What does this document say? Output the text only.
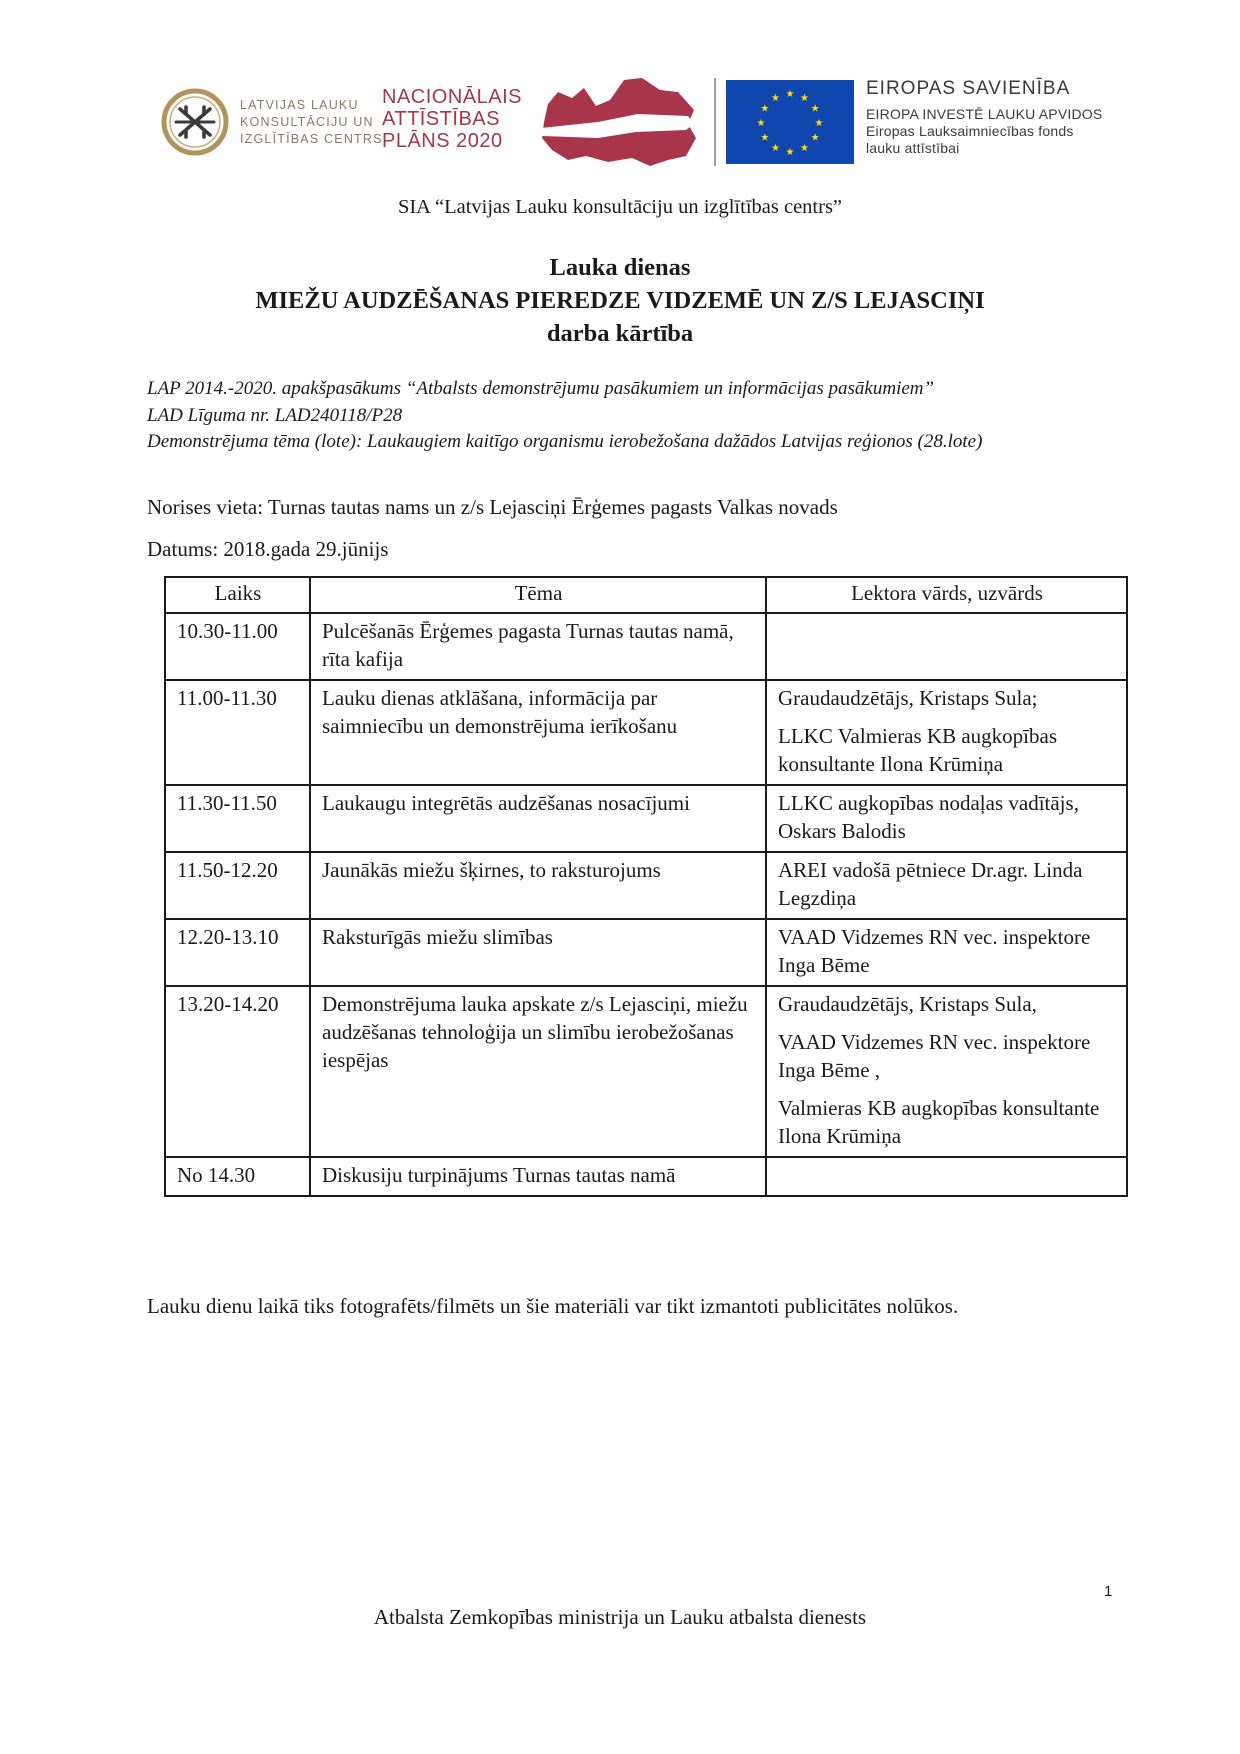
LATVIJAS LAUKU
KONSULTĀCIJU UN
IZGLĪTĪBAS CENTRS
NACIONĀLAIS
ATTĪSTĪBAS
PLĀNS 2020
★ ★
★
★
★
★
★
★
★
★
★
★	EIROPAS SAVIENĪBA
EIROPA INVESTĒ LAUKU APVIDOS
Eiropas Lauksaimniecības fonds
lauku attīstībai
SIA “Latvijas Lauku konsultāciju un izglītības centrs”
Lauka dienas
MIEŽU AUDZĒŠANAS PIEREDZE VIDZEMĒ UN Z/S LEJASCIŅI
darba kārtība
LAP 2014.-2020. apakšpasākums “Atbalsts demonstrējumu pasākumiem un informācijas pasākumiem”
LAD Līguma nr. LAD240118/P28
Demonstrējuma tēma (lote): Laukaugiem kaitīgo organismu ierobežošana dažādos Latvijas reģionos (28.lote)
Norises vieta: Turnas tautas nams un z/s Lejasciņi Ērģemes pagasts Valkas novads
Datums: 2018.gada 29.jūnijs
Laiks	Tēma	Lektora vārds, uzvārds
10.30-11.00	Pulcēšanās Ērģemes pagasta Turnas tautas namā, rīta kafija	
11.00-11.30	Lauku dienas atklāšana, informācija par saimniecību un demonstrējuma ierīkošanu	Graudaudzētājs, Kristaps Sula;

LLKC Valmieras KB augkopības konsultante Ilona Krūmiņa

11.30-11.50	Laukaugu integrētās audzēšanas nosacījumi	LLKC augkopības nodaļas vadītājs, Oskars Balodis

11.50-12.20	Jaunākās miežu šķirnes, to raksturojums	AREI vadošā pētniece Dr.agr. Linda Legzdiņa

12.20-13.10	Raksturīgās miežu slimības	VAAD Vidzemes RN vec. inspektore Inga Bēme

13.20-14.20	Demonstrējuma lauka apskate z/s Lejasciņi, miežu audzēšanas tehnoloģija un slimību ierobežošanas iespējas	Graudaudzētājs, Kristaps Sula,

VAAD Vidzemes RN vec. inspektore Inga Bēme ,

Valmieras KB augkopības konsultante Ilona Krūmiņa

No 14.30	Diskusiju turpinājums Turnas tautas namā	
Lauku dienu laikā tiks fotografēts/filmēts un šie materiāli var tikt izmantoti publicitātes nolūkos.
1
Atbalsta Zemkopības ministrija un Lauku atbalsta dienests
